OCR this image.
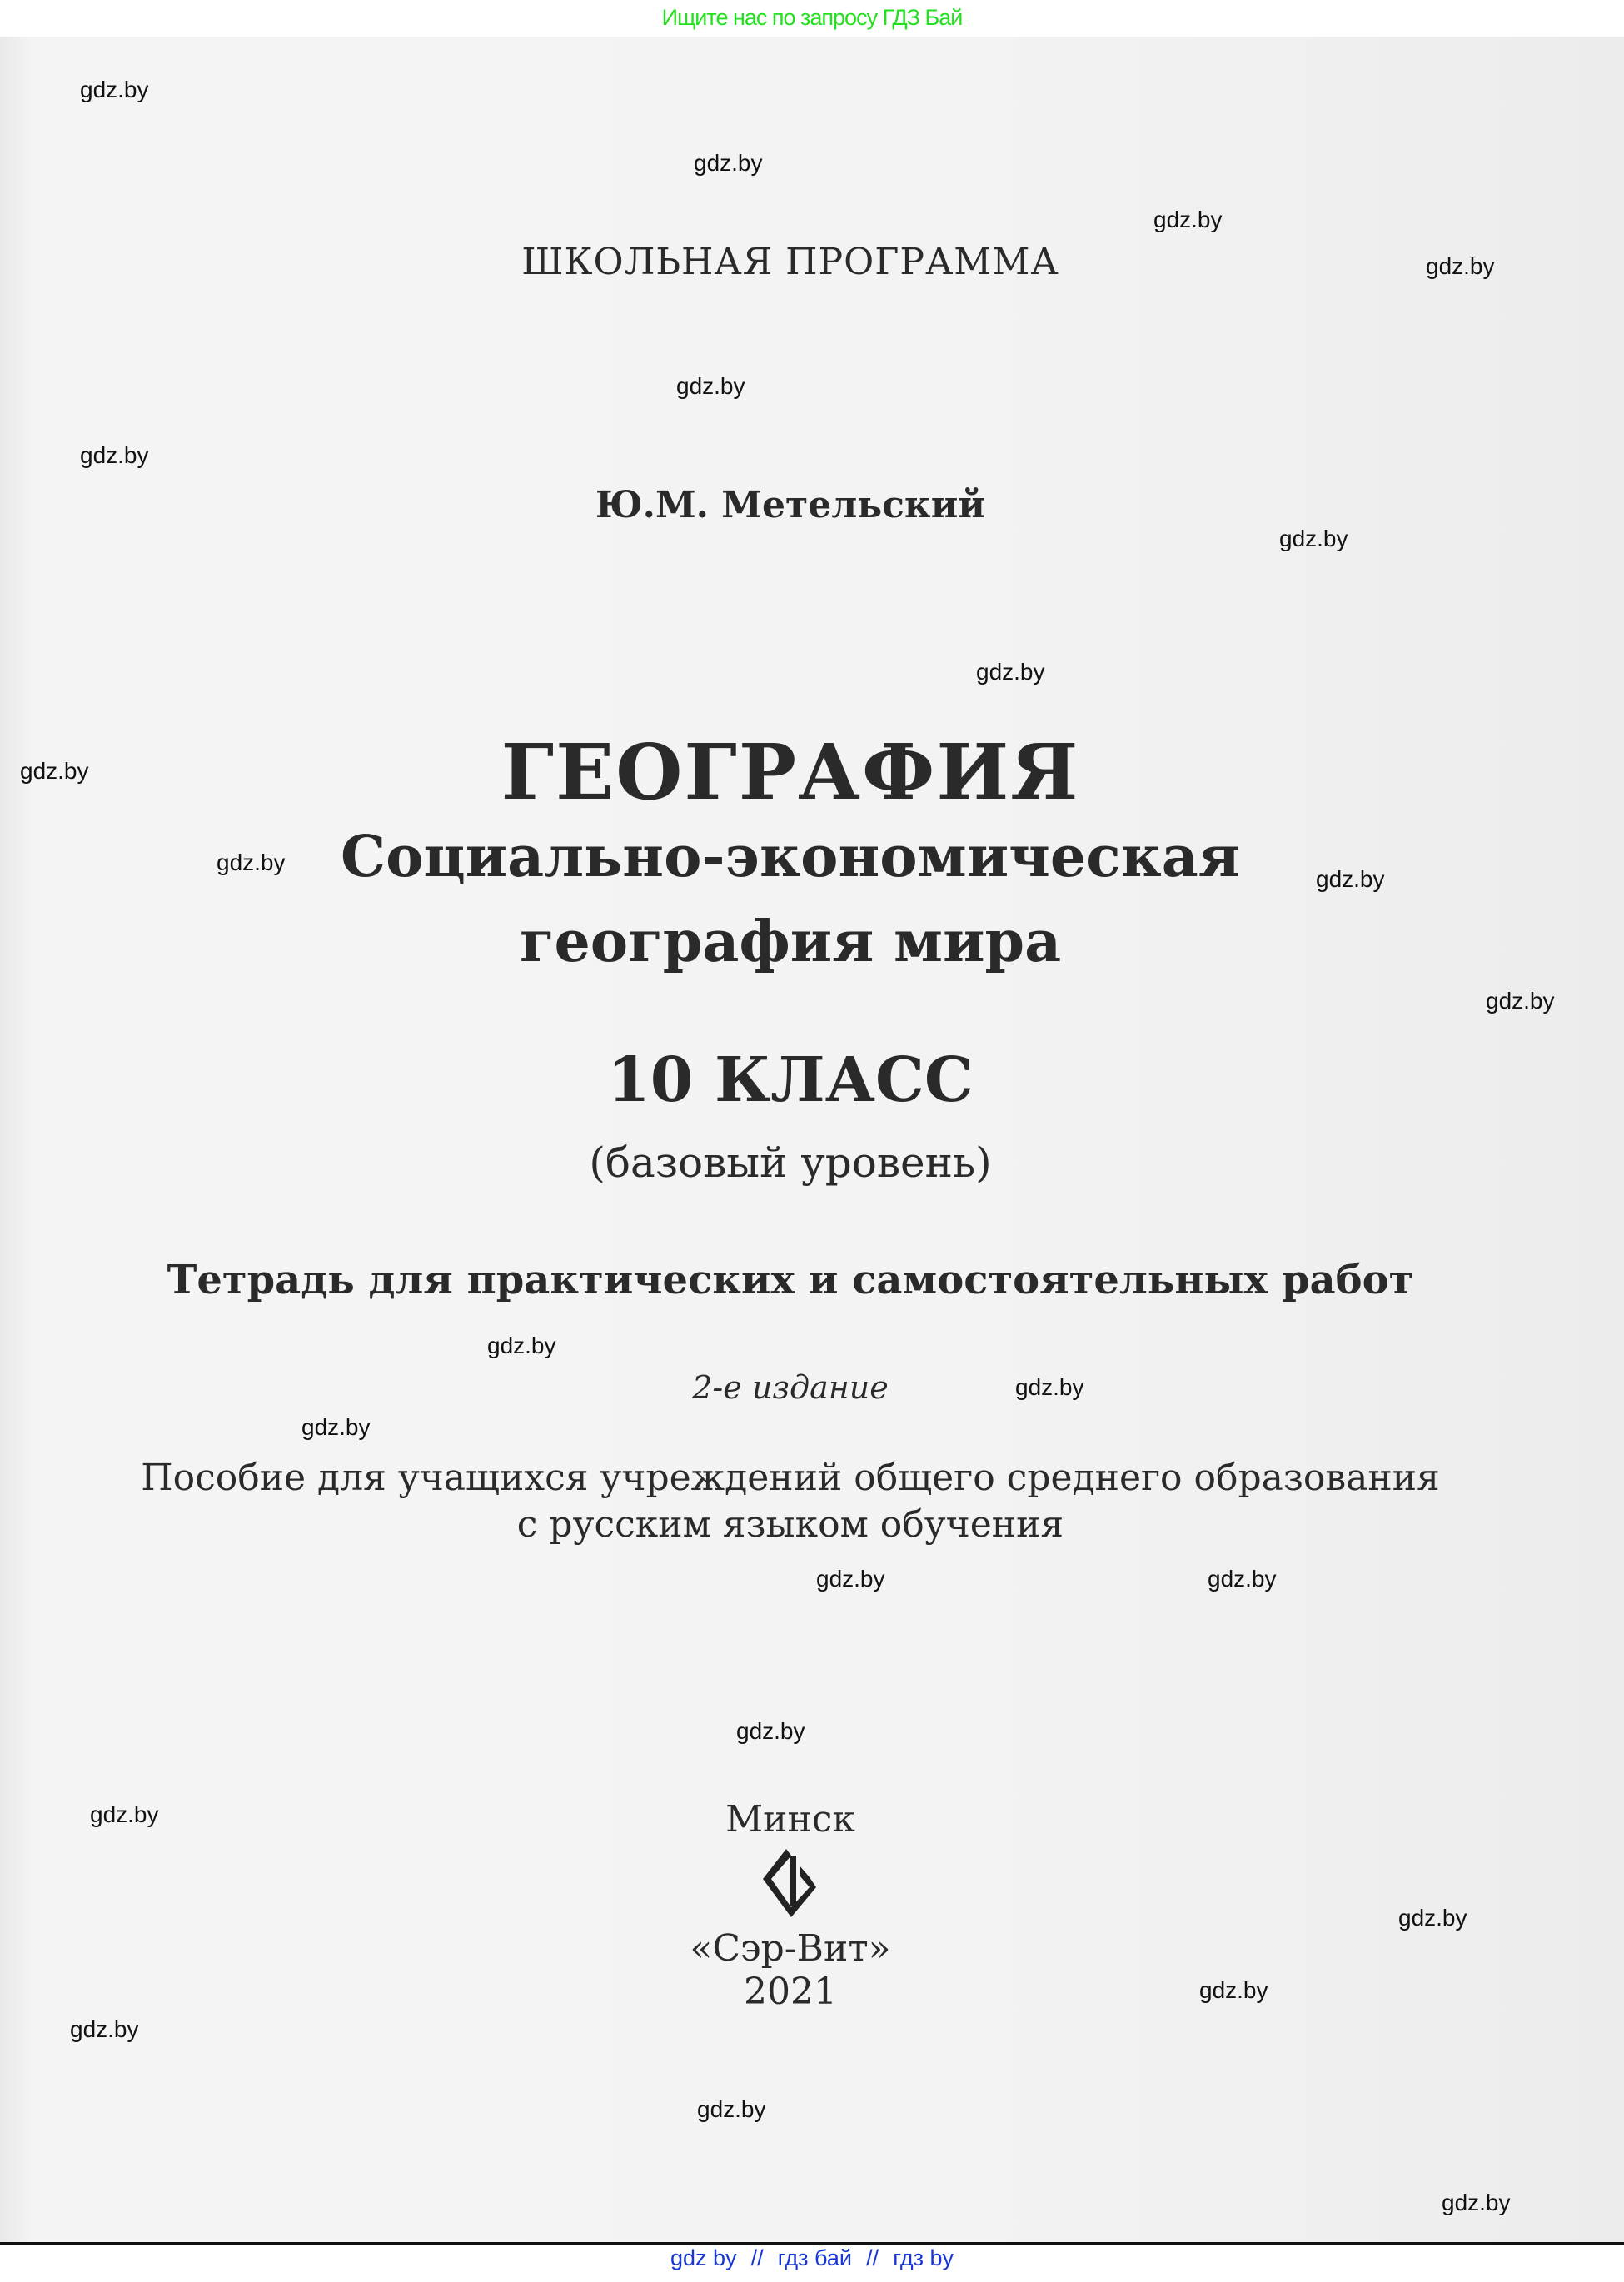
Ищите нас по запросу ГДЗ Бай
ШКОЛЬНАЯ ПРОГРАММА
Ю.М. Метельский
ГЕОГРАФИЯ
Социально-экономическая
география мира
10 КЛАСС
(базовый уровень)
Тетрадь для практических и самостоятельных работ
2-е издание
Пособие для учащихся учреждений общего среднего образования
с русским языком обучения
Минск
«Сэр-Вит»
2021
gdz.by
gdz.by
gdz.by
gdz.by
gdz.by
gdz.by
gdz.by
gdz.by
gdz.by
gdz.by
gdz.by
gdz.by
gdz.by
gdz.by
gdz.by
gdz.by
gdz.by
gdz.by
gdz.by
gdz.by
gdz.by
gdz.by
gdz.by
gdz.by
gdz by // гдз бай // гдз by
